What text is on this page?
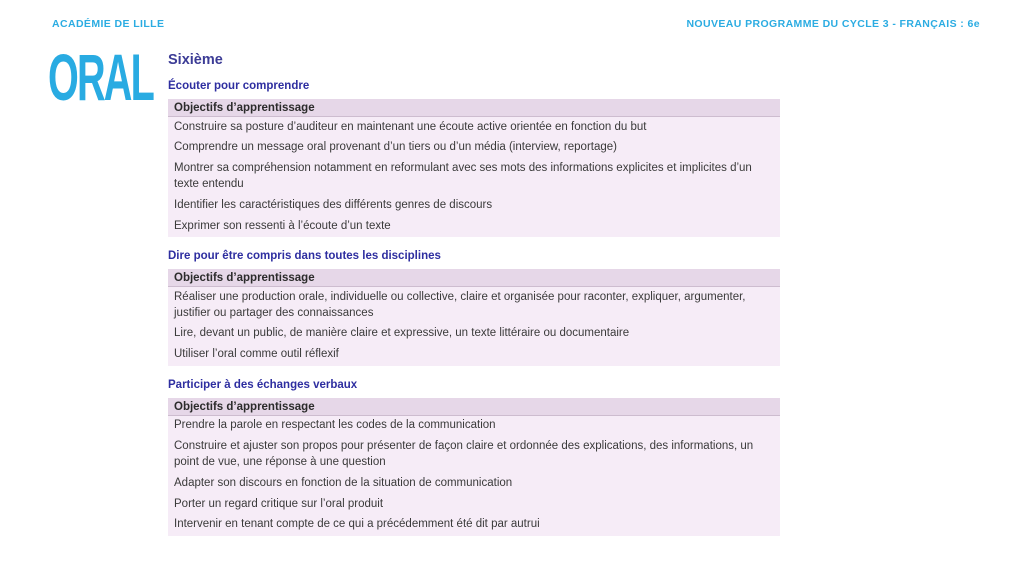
ACADÉMIE DE LILLE	NOUVEAU PROGRAMME DU CYCLE 3 - FRANÇAIS : 6e
ORAL Sixième
Écouter pour comprendre
Objectifs d’apprentissage
Construire sa posture d’auditeur en maintenant une écoute active orientée en fonction du but
Comprendre un message oral provenant d’un tiers ou d’un média (interview, reportage)
Montrer sa compréhension notamment en reformulant avec ses mots des informations explicites et implicites d’un texte entendu
Identifier les caractéristiques des différents genres de discours
Exprimer son ressenti à l’écoute d’un texte
Dire pour être compris dans toutes les disciplines
Objectifs d’apprentissage
Réaliser une production orale, individuelle ou collective, claire et organisée pour raconter, expliquer, argumenter, justifier ou partager des connaissances
Lire, devant un public, de manière claire et expressive, un texte littéraire ou documentaire
Utiliser l’oral comme outil réflexif
Participer à des échanges verbaux
Objectifs d’apprentissage
Prendre la parole en respectant les codes de la communication
Construire et ajuster son propos pour présenter de façon claire et ordonnée des explications, des informations, un point de vue, une réponse à une question
Adapter son discours en fonction de la situation de communication
Porter un regard critique sur l’oral produit
Intervenir en tenant compte de ce qui a précédemment été dit par autrui
